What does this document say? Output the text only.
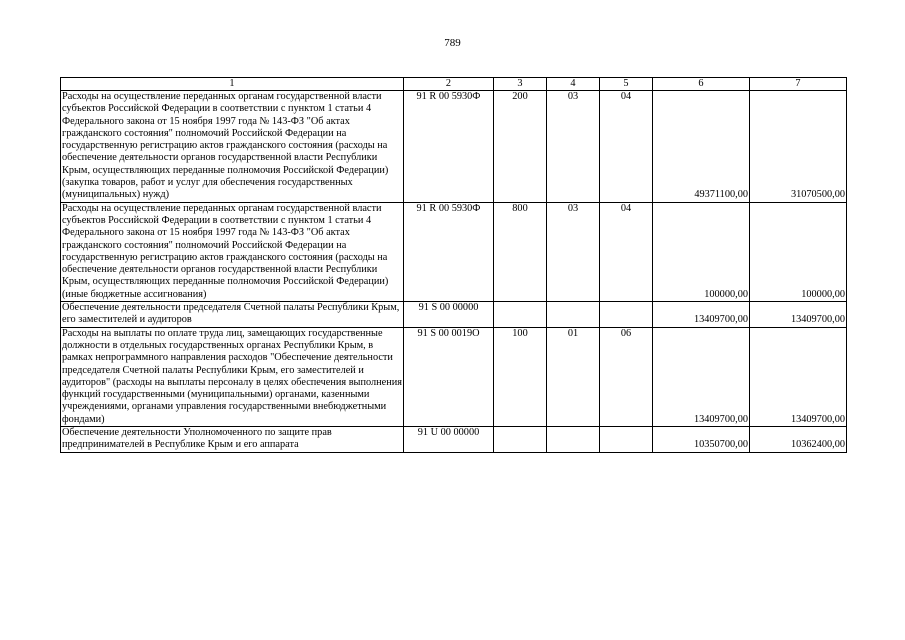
789
1	2	3	4	5	6	7
Расходы на осуществление переданных органам государственной власти субъектов Российской Федерации в соответствии с пунктом 1 статьи 4 Федерального закона от 15 ноября 1997 года № 143-ФЗ "Об актах гражданского состояния" полномочий Российской Федерации на государственную регистрацию актов гражданского состояния (расходы на обеспечение деятельности органов государственной власти Республики Крым, осуществляющих переданные полномочия Российской Федерации) (закупка товаров, работ и услуг для обеспечения государственных (муниципальных) нужд)	91 R 00 5930Ф	200	03	04	49371100,00	31070500,00
Расходы на осуществление переданных органам государственной власти субъектов Российской Федерации в соответствии с пунктом 1 статьи 4 Федерального закона от 15 ноября 1997 года № 143-ФЗ "Об актах гражданского состояния" полномочий Российской Федерации на государственную регистрацию актов гражданского состояния (расходы на обеспечение деятельности органов государственной власти Республики Крым, осуществляющих переданные полномочия Российской Федерации) (иные бюджетные ассигнования)	91 R 00 5930Ф	800	03	04	100000,00	100000,00
Обеспечение деятельности председателя Счетной палаты Республики Крым, его заместителей и аудиторов	91 S 00 00000				13409700,00	13409700,00
Расходы на выплаты по оплате труда лиц, замещающих государственные должности в отдельных государственных органах Республики Крым, в рамках непрограммного направления расходов "Обеспечение деятельности председателя Счетной палаты Республики Крым, его заместителей и аудиторов" (расходы на выплаты персоналу в целях обеспечения выполнения функций государственными (муниципальными) органами, казенными учреждениями, органами управления государственными внебюджетными фондами)	91 S 00 0019О	100	01	06	13409700,00	13409700,00
Обеспечение деятельности Уполномоченного по защите прав предпринимателей в Республике Крым и его аппарата	91 U 00 00000				10350700,00	10362400,00
